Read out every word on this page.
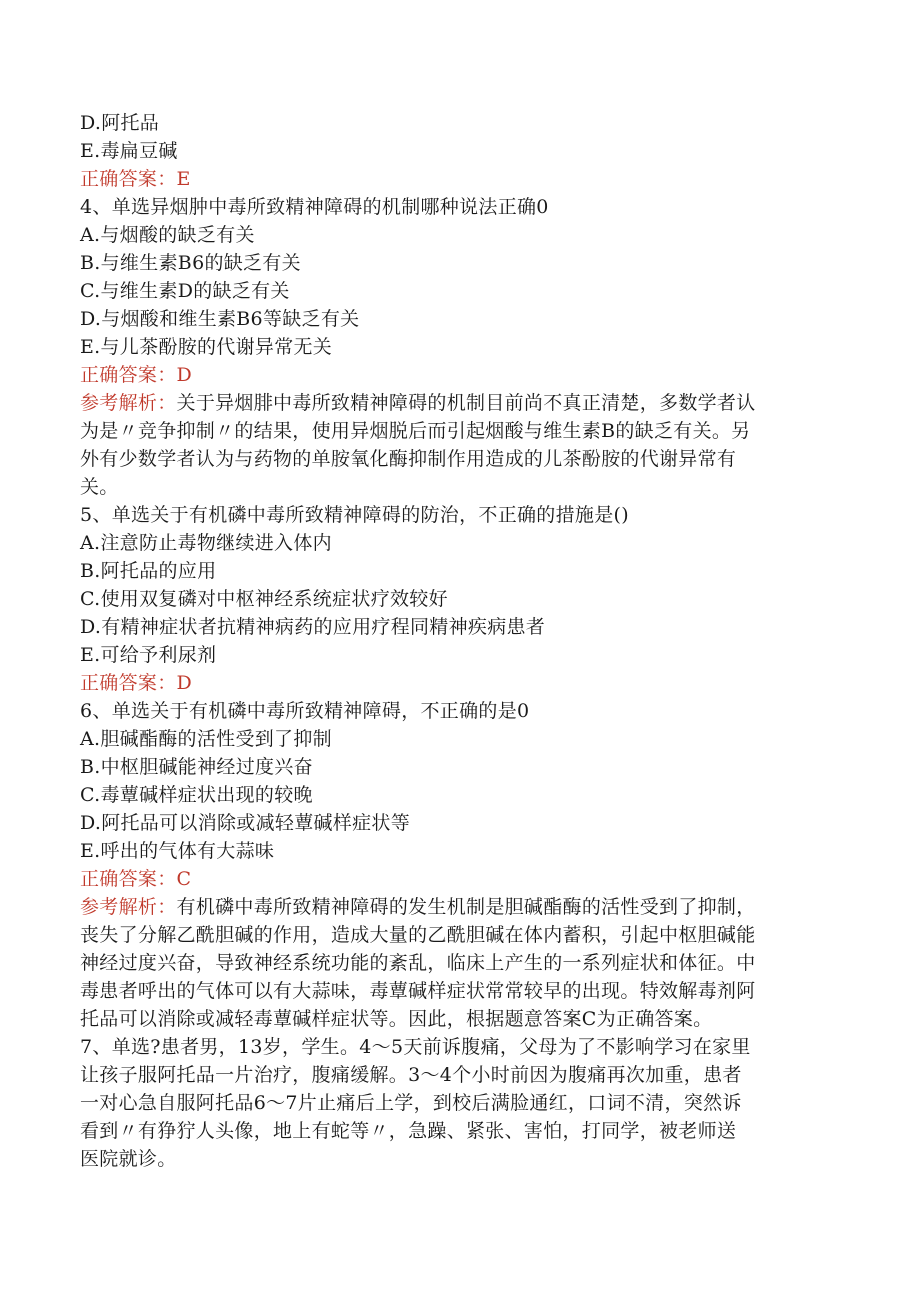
D.阿托品
E.毒扁豆碱
正确答案：E
4、单选异烟肿中毒所致精神障碍的机制哪种说法正确0
A.与烟酸的缺乏有关
B.与维生素B6的缺乏有关
C.与维生素D的缺乏有关
D.与烟酸和维生素B6等缺乏有关
E.与儿茶酚胺的代谢异常无关
正确答案：D
参考解析：关于异烟腓中毒所致精神障碍的机制目前尚不真正清楚，多数学者认
为是〃竞争抑制〃的结果，使用异烟脱后而引起烟酸与维生素B的缺乏有关。另
外有少数学者认为与药物的单胺氧化酶抑制作用造成的儿茶酚胺的代谢异常有
关。
5、单选关于有机磷中毒所致精神障碍的防治，不正确的措施是()
A.注意防止毒物继续进入体内
B.阿托品的应用
C.使用双复磷对中枢神经系统症状疗效较好
D.有精神症状者抗精神病药的应用疗程同精神疾病患者
E.可给予利尿剂
正确答案：D
6、单选关于有机磷中毒所致精神障碍，不正确的是0
A.胆碱酯酶的活性受到了抑制
B.中枢胆碱能神经过度兴奋
C.毒蕈碱样症状出现的较晚
D.阿托品可以消除或减轻蕈碱样症状等
E.呼出的气体有大蒜味
正确答案：C
参考解析：有机磷中毒所致精神障碍的发生机制是胆碱酯酶的活性受到了抑制，
丧失了分解乙酰胆碱的作用，造成大量的乙酰胆碱在体内蓄积，引起中枢胆碱能
神经过度兴奋，导致神经系统功能的紊乱，临床上产生的一系列症状和体征。中
毒患者呼出的气体可以有大蒜味，毒蕈碱样症状常常较早的出现。特效解毒剂阿
托品可以消除或减轻毒蕈碱样症状等。因此，根据题意答案C为正确答案。
7、单选?患者男，13岁，学生。4～5天前诉腹痛，父母为了不影响学习在家里
让孩子服阿托品一片治疗，腹痛缓解。3～4个小时前因为腹痛再次加重，患者
一对心急自服阿托品6～7片止痛后上学，到校后满脸通红，口词不清，突然诉
看到〃有狰狞人头像，地上有蛇等〃，急躁、紧张、害怕，打同学，被老师送
医院就诊。
